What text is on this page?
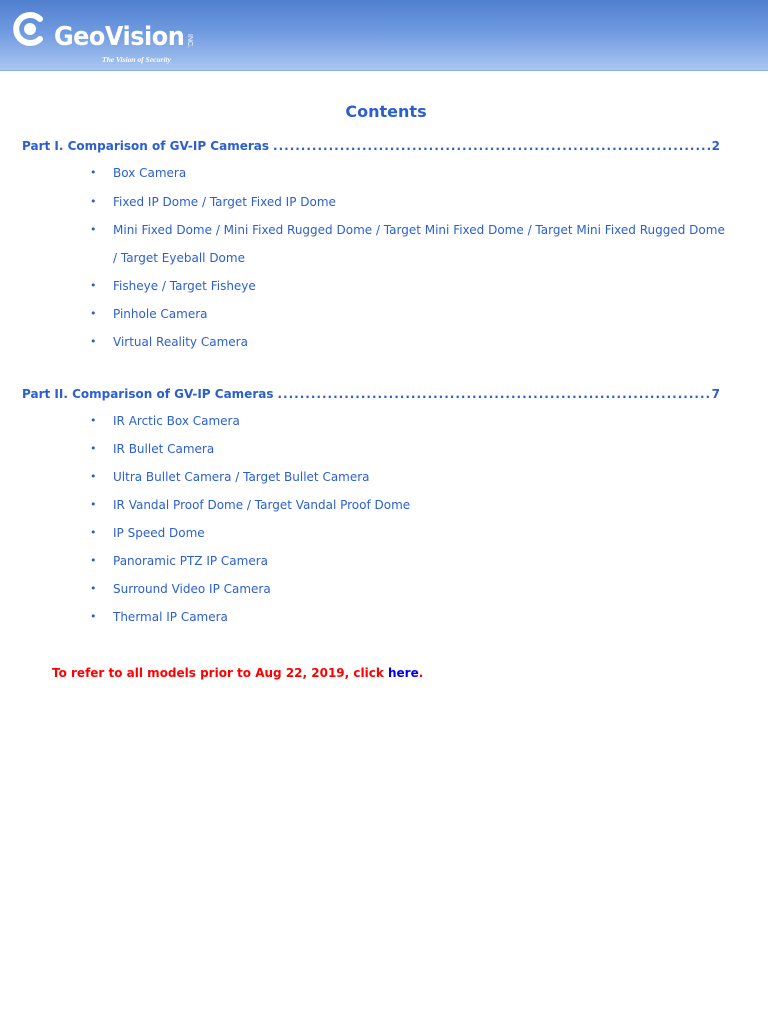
GeoVision INC.
The Vision of Security
Contents
Part I. Comparison of GV-IP Cameras .....	2
• Box Camera
• Fixed IP Dome / Target Fixed IP Dome
• Mini Fixed Dome / Mini Fixed Rugged Dome / Target Mini Fixed Dome / Target Mini Fixed Rugged Dome / Target Eyeball Dome
• Fisheye / Target Fisheye
• Pinhole Camera
• Virtual Reality Camera
Part II. Comparison of GV-IP Cameras .....	7
• IR Arctic Box Camera
• IR Bullet Camera
• Ultra Bullet Camera / Target Bullet Camera
• IR Vandal Proof Dome / Target Vandal Proof Dome
• IP Speed Dome
• Panoramic PTZ IP Camera
• Surround Video IP Camera
• Thermal IP Camera
To refer to all models prior to Aug 22, 2019, click here.
